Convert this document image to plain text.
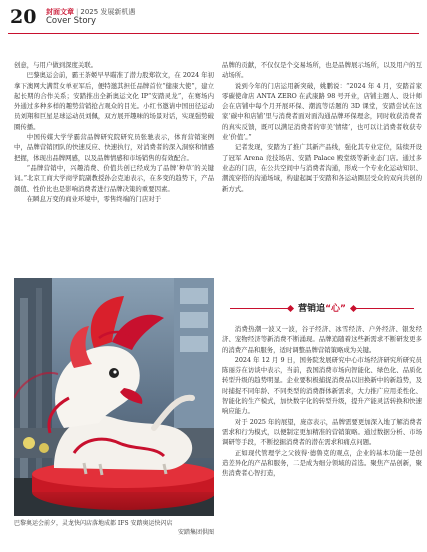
20 封面文章 | 2025 发展新机遇
Cover Story

创意，与用户做到深度关联。

巴黎奥运会前，霸王茶姬早早瞄准了潜力股郑钦文，在 2024 年初拿下澳网大满贯女单亚军后，便特邀其担任品牌首位“健康大使”，建立起长期的合作关系；安踏推出全新奥运文化 IP“安踏灵龙”，在赛场内外通过多种多样的趣势营销抢占观众的目光。小红书邀请中国田径运动员刘翔和巨星足球运动员刘佩，双方展开趣味的场景对话，实现强势破圈传播。

中国传媒大学学霸营品牌研究院研究员张驰表示，体育营销案例中，品牌营销团队的快速反应、快速执行，对消费者的深入洞察和情感把握，体现出品牌网感，以及品牌情感和市场销售的有效配合。

“品牌营销中，兴趣消费、价值共创已经成为了品牌‘种草’的关键词。”北京工商大学商学院副教授孙会克迪表示，在多变的趋势下，产品颜值、性价比也是影响消费者进行品牌决策的重要因素。

在瞬息万变的商业环境中，零售终端的门店对于

巴黎奥运会前夕，灵龙快闪店落地成都 IFS 安踏奥运快闪店
安踏集团供图

品牌的贡献，不仅仅是个交易场所，也是品牌展示场所，以及用户的互动场所。

说到今年的门店运用新突破，姚鹏说：“2024 年 4 月，安踏首家零碳使命店 ANTA ZERO 在武康路 98 号开业，店铺主题人、设计师会在店铺中每个月开展环保、潮流等话题的 3D 课堂，安踏尝试在这家‘碳中和店铺’里与消费者面对面沟通品牌环保理念，同时收获消费者的真实反馈，既可以满足消费者的审美‘情绪’，也可以让消费者收获专业‘价值’。”

记者发现，安踏为了推广其新产品线，强化其专业定位，陆续开设了冠军 Arena 竞技场店、安踏 Palace 殿堂级等新业态门店。通过多业态的门店，在公共空间中与消费者沟通，形成一个专业化运动知识、潮流穿搭的沟通场域，构建起属于安踏和各运动圈层受众的双向共创的新方式。

营销追“心”

消费热潮一波又一波，谷子经济、冰雪经济、户外经济、银发经济、宠物经济等新消费不断涌现。品牌追随着这些新需求不断研发更多的消费产品和服务，适时调整品牌营销策略成为关键。

2024 年 12 月 9 日，国务院发展研究中心市场经济研究所研究员陈丽芬在访谈中表示，当前，我国消费市场向智能化、绿色化、品质化转型升级的趋势明显。企业要积极捕捉消费品以旧换新中的新趋势，及时捕捉不同年龄、不同类型的消费群体新需求，大力推广应用柔性化、智能化的生产模式，加快数字化的转型升级，提升产能灵活转换和快速响应能力。

对于 2025 年的展望，庞彦表示，品牌需要更加深入地了解消费者需求和行为模式，以便制定更加精准的营销策略。通过数据分析、市场调研等手段，不断挖掘消费者的潜在需求和痛点问题。

正如现代管理学之父彼得·德鲁克的观点，企业的基本功能一是创造差异化的产品和服务，二是成为细分领域的首选。聚焦产品创新，聚焦消费者心智打造，
